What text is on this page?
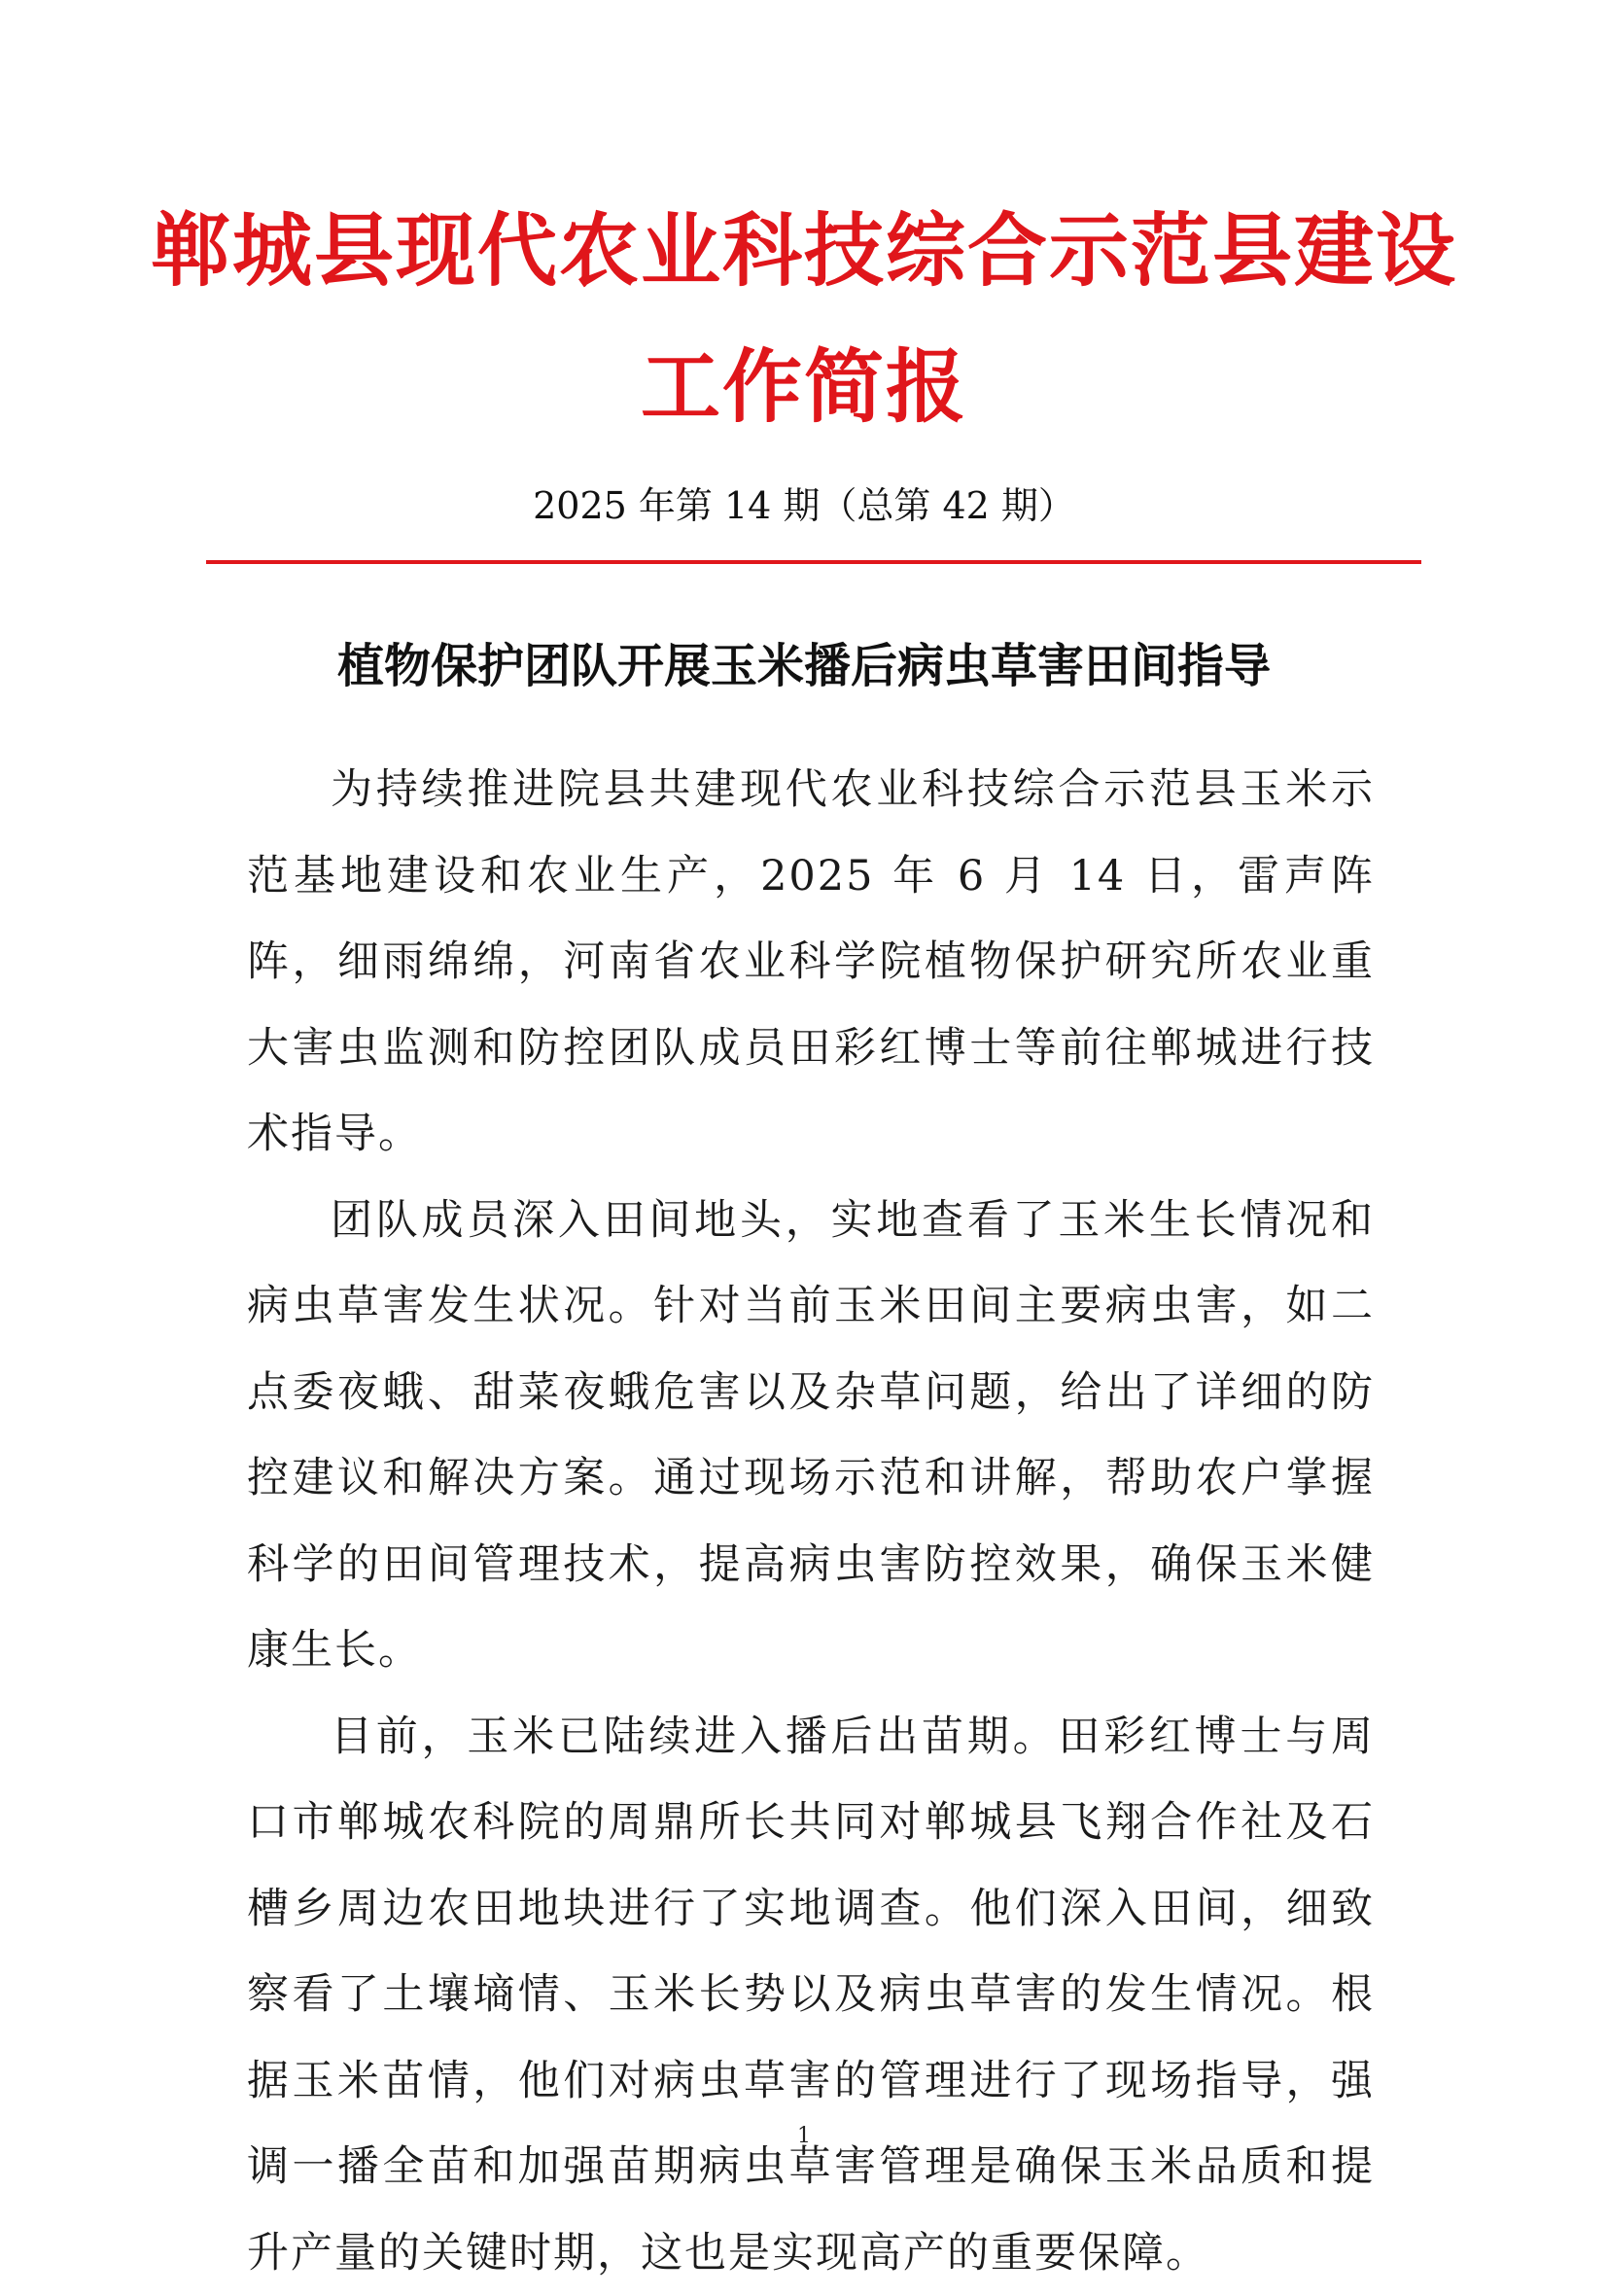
郸城县现代农业科技综合示范县建设
工作简报
2025 年第 14 期（总第 42 期）
植物保护团队开展玉米播后病虫草害田间指导

为持续推进院县共建现代农业科技综合示范县玉米示范基地建设和农业生产，2025 年 6 月 14 日，雷声阵阵，细雨绵绵，河南省农业科学院植物保护研究所农业重大害虫监测和防控团队成员田彩红博士等前往郸城进行技术指导。

团队成员深入田间地头，实地查看了玉米生长情况和病虫草害发生状况。针对当前玉米田间主要病虫害，如二点委夜蛾、甜菜夜蛾危害以及杂草问题，给出了详细的防控建议和解决方案。通过现场示范和讲解，帮助农户掌握科学的田间管理技术，提高病虫害防控效果，确保玉米健康生长。

目前，玉米已陆续进入播后出苗期。田彩红博士与周口市郸城农科院的周鼎所长共同对郸城县飞翔合作社及石槽乡周边农田地块进行了实地调查。他们深入田间，细致察看了土壤墒情、玉米长势以及病虫草害的发生情况。根据玉米苗情，他们对病虫草害的管理进行了现场指导，强调一播全苗和加强苗期病虫草害管理是确保玉米品质和提升产量的关键时期，这也是实现高产的重要保障。

1
